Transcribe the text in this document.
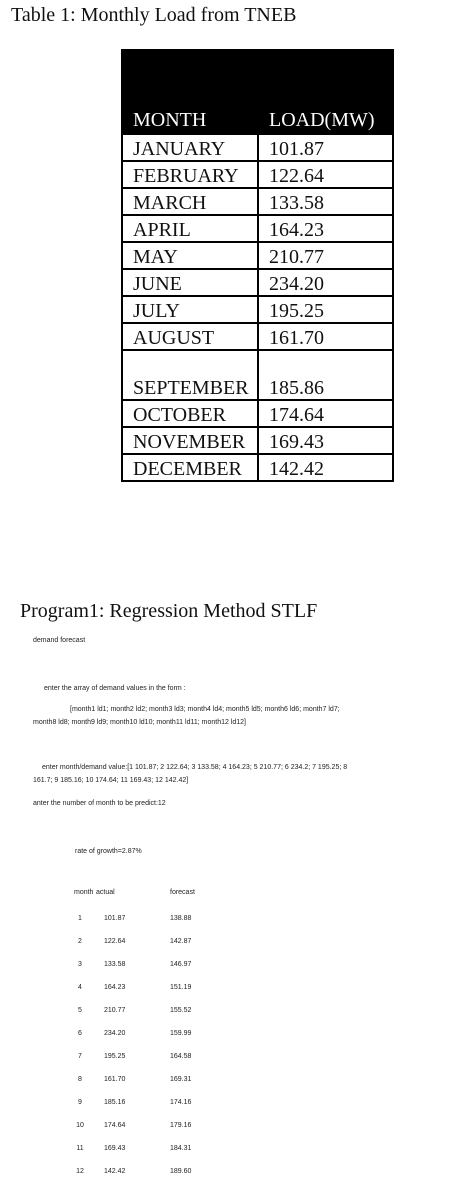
Table 1: Monthly Load from TNEB
MONTH	LOAD(MW)

JANUARY	101.87
FEBRUARY	122.64
MARCH	133.58
APRIL	164.23
MAY	210.77
JUNE	234.20
JULY	195.25
AUGUST	161.70
SEPTEMBER	185.86
OCTOBER	174.64
NOVEMBER	169.43
DECEMBER	142.42
Program1: Regression Method STLF
demand forecast
enter the array of demand values in the form :
[month1 ld1; month2 ld2; month3 ld3; month4 ld4; month5 ld5; month6 ld6; month7 ld7;
month8 ld8; month9 ld9; month10 ld10; month11 ld11; month12 ld12]
enter month/demand value:[1 101.87; 2 122.64; 3 133.58; 4 164.23; 5 210.77; 6 234.2; 7 195.25; 8
161.7; 9 185.16; 10 174.64; 11 169.43; 12 142.42]
anter the number of month to be predict:12
rate of growth=2.87%
month actual	forecast
1	101.87	138.88
2	122.64	142.87
3	133.58	146.97
4	164.23	151.19
5	210.77	155.52
6	234.20	159.99
7	195.25	164.58
8	161.70	169.31
9	185.16	174.16
10	174.64	179.16
11	169.43	184.31
12	142.42	189.60
